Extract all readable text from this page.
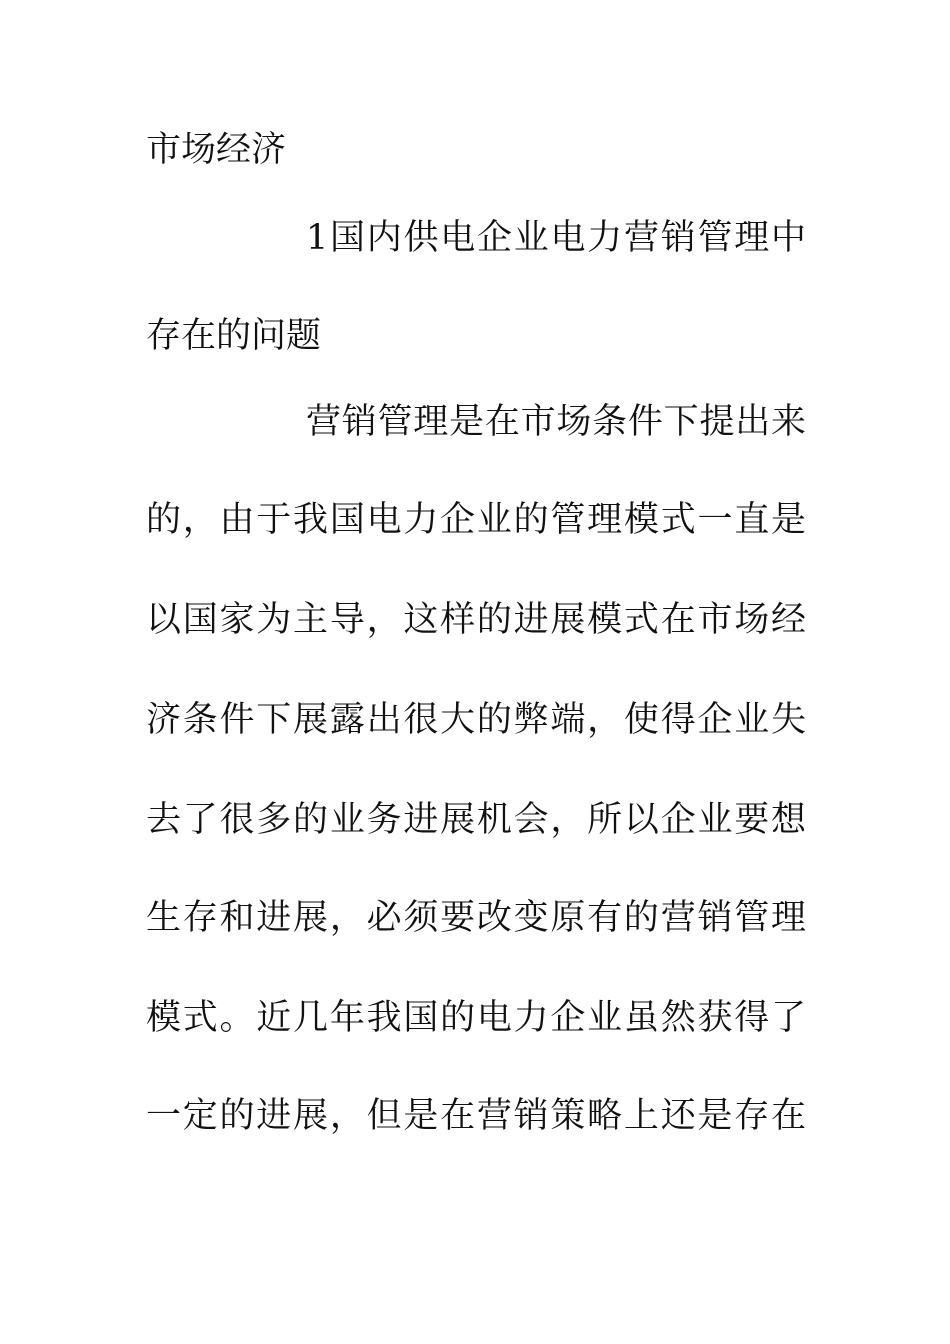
市场经济
1国内供电企业电力营销管理中
存在的问题
营销管理是在市场条件下提出来
的，由于我国电力企业的管理模式一直是
以国家为主导，这样的进展模式在市场经
济条件下展露出很大的弊端，使得企业失
去了很多的业务进展机会，所以企业要想
生存和进展，必须要改变原有的营销管理
模式。近几年我国的电力企业虽然获得了
一定的进展，但是在营销策略上还是存在
